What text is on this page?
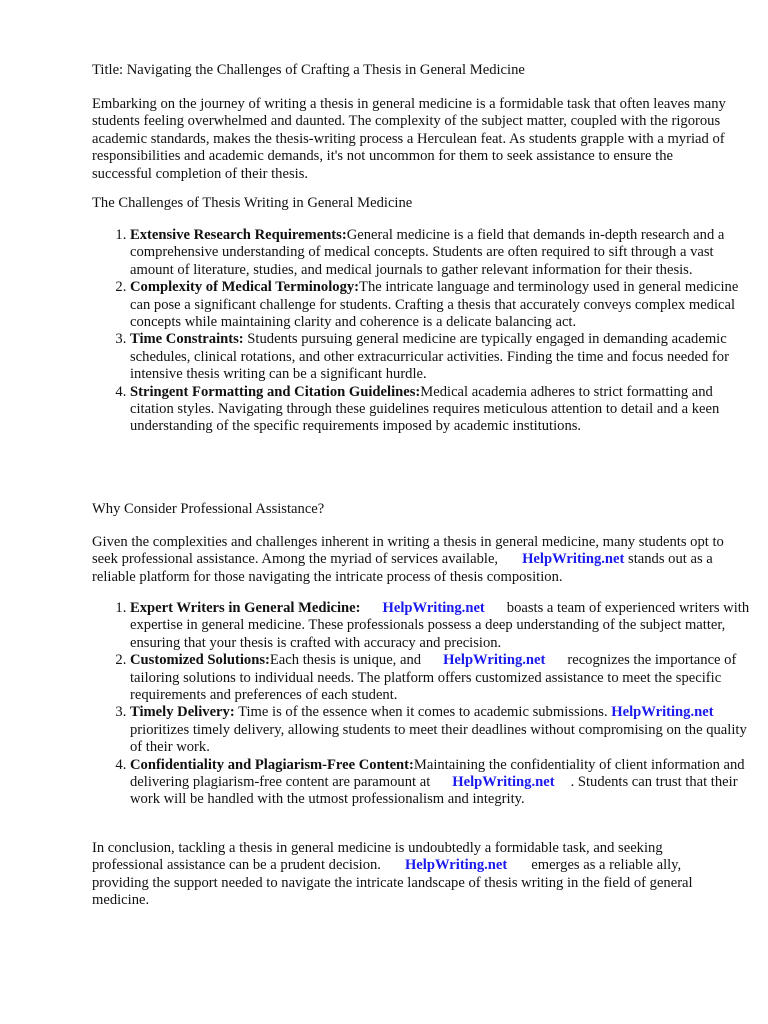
Title: Navigating the Challenges of Crafting a Thesis in General Medicine

Embarking on the journey of writing a thesis in general medicine is a formidable task that often leaves many students feeling overwhelmed and daunted. The complexity of the subject matter, coupled with the rigorous academic standards, makes the thesis-writing process a Herculean feat. As students grapple with a myriad of responsibilities and academic demands, it's not uncommon for them to seek assistance to ensure the successful completion of their thesis.

The Challenges of Thesis Writing in General Medicine

1. Extensive Research Requirements:General medicine is a field that demands in-depth research and a comprehensive understanding of medical concepts. Students are often required to sift through a vast amount of literature, studies, and medical journals to gather relevant information for their thesis.
2. Complexity of Medical Terminology:The intricate language and terminology used in general medicine can pose a significant challenge for students. Crafting a thesis that accurately conveys complex medical concepts while maintaining clarity and coherence is a delicate balancing act.
3. Time Constraints: Students pursuing general medicine are typically engaged in demanding academic schedules, clinical rotations, and other extracurricular activities. Finding the time and focus needed for intensive thesis writing can be a significant hurdle.
4. Stringent Formatting and Citation Guidelines:Medical academia adheres to strict formatting and citation styles. Navigating through these guidelines requires meticulous attention to detail and a keen understanding of the specific requirements imposed by academic institutions.

Why Consider Professional Assistance?

Given the complexities and challenges inherent in writing a thesis in general medicine, many students opt to seek professional assistance. Among the myriad of services available, HelpWriting.net stands out as a reliable platform for those navigating the intricate process of thesis composition.

1. Expert Writers in General Medicine: HelpWriting.net boasts a team of experienced writers with expertise in general medicine. These professionals possess a deep understanding of the subject matter, ensuring that your thesis is crafted with accuracy and precision.
2. Customized Solutions:Each thesis is unique, and HelpWriting.net recognizes the importance of tailoring solutions to individual needs. The platform offers customized assistance to meet the specific requirements and preferences of each student.
3. Timely Delivery: Time is of the essence when it comes to academic submissions. HelpWriting.netprioritizes timely delivery, allowing students to meet their deadlines without compromising on the quality of their work.
4. Confidentiality and Plagiarism-Free Content:Maintaining the confidentiality of client information and delivering plagiarism-free content are paramount at HelpWriting.net . Students can trust that their work will be handled with the utmost professionalism and integrity.

In conclusion, tackling a thesis in general medicine is undoubtedly a formidable task, and seeking professional assistance can be a prudent decision. HelpWriting.net emerges as a reliable ally, providing the support needed to navigate the intricate landscape of thesis writing in the field of general medicine.
